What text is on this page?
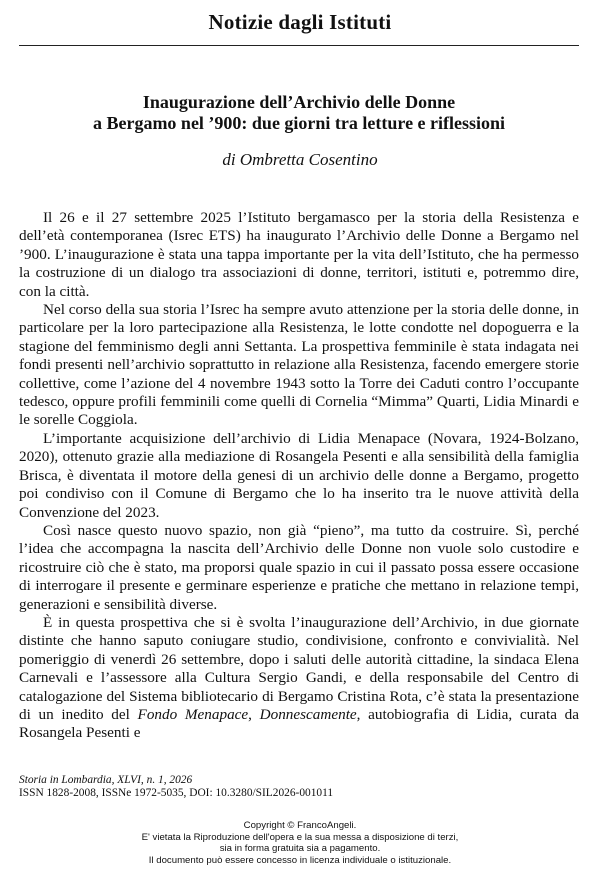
Notizie dagli Istituti
Inaugurazione dell’Archivio delle Donne
a Bergamo nel ’900: due giorni tra letture e riflessioni
di Ombretta Cosentino

Il 26 e il 27 settembre 2025 l’Istituto bergamasco per la storia della Resistenza e dell’età contemporanea (Isrec ETS) ha inaugurato l’Archivio delle Donne a Bergamo nel ’900. L’inaugurazione è stata una tappa importante per la vita dell’Istituto, che ha permesso la costruzione di un dialogo tra associazioni di donne, territori, istituti e, potremmo dire, con la città.

Nel corso della sua storia l’Isrec ha sempre avuto attenzione per la storia delle donne, in particolare per la loro partecipazione alla Resistenza, le lotte condotte nel dopoguerra e la stagione del femminismo degli anni Settanta. La prospettiva femminile è stata indagata nei fondi presenti nell’archivio soprattutto in relazione alla Resistenza, facendo emergere storie collettive, come l’azione del 4 novembre 1943 sotto la Torre dei Caduti contro l’occupante tedesco, oppure profili femminili come quelli di Cornelia “Mimma” Quarti, Lidia Minardi e le sorelle Coggiola.

L’importante acquisizione dell’archivio di Lidia Menapace (Novara, 1924-Bolzano, 2020), ottenuto grazie alla mediazione di Rosangela Pesenti e alla sensibilità della famiglia Brisca, è diventata il motore della genesi di un archivio delle donne a Bergamo, progetto poi condiviso con il Comune di Bergamo che lo ha inserito tra le nuove attività della Convenzione del 2023.

Così nasce questo nuovo spazio, non già “pieno”, ma tutto da costruire. Sì, perché l’idea che accompagna la nascita dell’Archivio delle Donne non vuole solo custodire e ricostruire ciò che è stato, ma proporsi quale spazio in cui il passato possa essere occasione di interrogare il presente e germinare esperienze e pratiche che mettano in relazione tempi, generazioni e sensibilità diverse.

È in questa prospettiva che si è svolta l’inaugurazione dell’Archivio, in due giornate distinte che hanno saputo coniugare studio, condivisione, confronto e convivialità. Nel pomeriggio di venerdì 26 settembre, dopo i saluti delle autorità cittadine, la sindaca Elena Carnevali e l’assessore alla Cultura Sergio Gandi, e della responsabile del Centro di catalogazione del Sistema bibliotecario di Bergamo Cristina Rota, c’è stata la presentazione di un inedito del Fondo Menapace, Donnescamente, autobiografia di Lidia, curata da Rosangela Pesenti e

Storia in Lombardia, XLVI, n. 1, 2026
ISSN 1828-2008, ISSNe 1972-5035, DOI: 10.3280/SIL2026-001011
Copyright © FrancoAngeli.
E' vietata la Riproduzione dell'opera e la sua messa a disposizione di terzi,
sia in forma gratuita sia a pagamento.
Il documento può essere concesso in licenza individuale o istituzionale.
